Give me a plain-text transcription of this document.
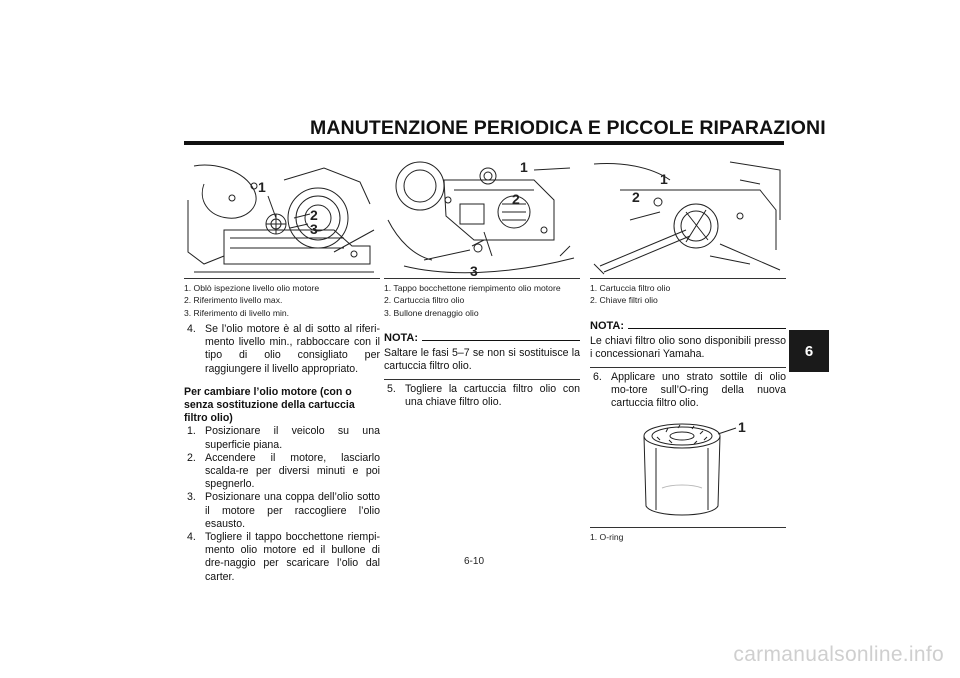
MANUTENZIONE PERIODICA E PICCOLE RIPARAZIONI
6
1
2
3
1. Oblò ispezione livello olio motore
2. Riferimento livello max.
3. Riferimento di livello min.
4. Se l’olio motore è al di sotto al riferi-mento livello min., rabboccare con il tipo di olio consigliato per raggiungere il livello appropriato.
Per cambiare l’olio motore (con o senza sostituzione della cartuccia filtro olio)
1. Posizionare il veicolo su una superficie piana.
2. Accendere il motore, lasciarlo scalda-re per diversi minuti e poi spegnerlo.
3. Posizionare una coppa dell’olio sotto il motore per raccogliere l’olio esausto.
4. Togliere il tappo bocchettone riempi-mento olio motore ed il bullone di dre-naggio per scaricare l’olio dal carter.
1
2
3
1. Tappo bocchettone riempimento olio motore
2. Cartuccia filtro olio
3. Bullone drenaggio olio
NOTA:
Saltare le fasi 5–7 se non si sostituisce la cartuccia filtro olio.
5. Togliere la cartuccia filtro olio con una chiave filtro olio.
1
2
1. Cartuccia filtro olio
2. Chiave filtri olio
NOTA:
Le chiavi filtro olio sono disponibili presso i concessionari Yamaha.
6. Applicare uno strato sottile di olio mo-tore sull’O-ring della nuova cartuccia filtro olio.
1
1. O-ring
6-10
carmanualsonline.info
